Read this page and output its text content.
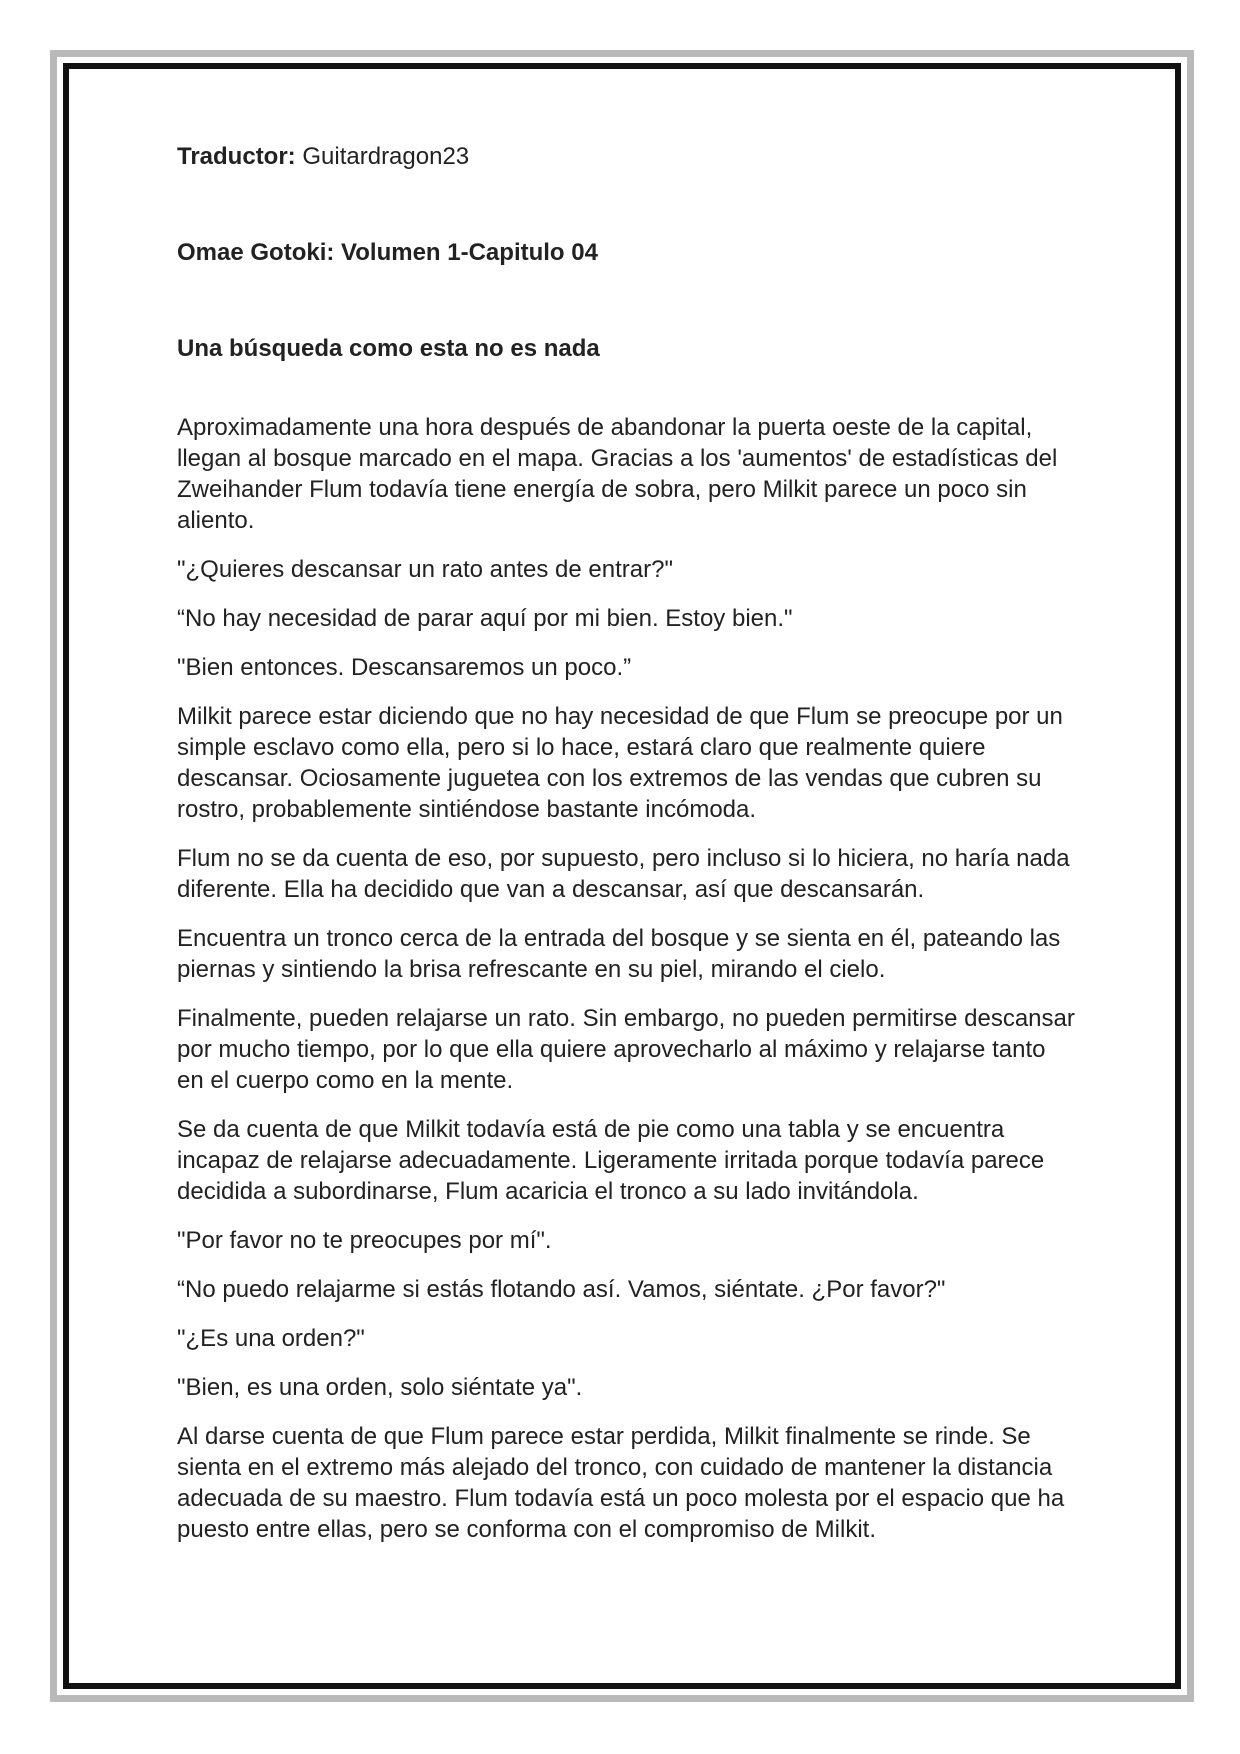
Traductor: Guitardragon23

Omae Gotoki: Volumen 1-Capitulo 04

Una búsqueda como esta no es nada

Aproximadamente una hora después de abandonar la puerta oeste de la capital, llegan al bosque marcado en el mapa. Gracias a los 'aumentos' de estadísticas del Zweihander Flum todavía tiene energía de sobra, pero Milkit parece un poco sin aliento.

"¿Quieres descansar un rato antes de entrar?"

“No hay necesidad de parar aquí por mi bien. Estoy bien."

"Bien entonces. Descansaremos un poco.”

Milkit parece estar diciendo que no hay necesidad de que Flum se preocupe por un simple esclavo como ella, pero si lo hace, estará claro que realmente quiere descansar. Ociosamente juguetea con los extremos de las vendas que cubren su rostro, probablemente sintiéndose bastante incómoda.

Flum no se da cuenta de eso, por supuesto, pero incluso si lo hiciera, no haría nada diferente. Ella ha decidido que van a descansar, así que descansarán.

Encuentra un tronco cerca de la entrada del bosque y se sienta en él, pateando las piernas y sintiendo la brisa refrescante en su piel, mirando el cielo.

Finalmente, pueden relajarse un rato. Sin embargo, no pueden permitirse descansar por mucho tiempo, por lo que ella quiere aprovecharlo al máximo y relajarse tanto en el cuerpo como en la mente.

Se da cuenta de que Milkit todavía está de pie como una tabla y se encuentra incapaz de relajarse adecuadamente. Ligeramente irritada porque todavía parece decidida a subordinarse, Flum acaricia el tronco a su lado invitándola.

"Por favor no te preocupes por mí".

“No puedo relajarme si estás flotando así. Vamos, siéntate. ¿Por favor?"

"¿Es una orden?"

"Bien, es una orden, solo siéntate ya".

Al darse cuenta de que Flum parece estar perdida, Milkit finalmente se rinde. Se sienta en el extremo más alejado del tronco, con cuidado de mantener la distancia adecuada de su maestro. Flum todavía está un poco molesta por el espacio que ha puesto entre ellas, pero se conforma con el compromiso de Milkit.
